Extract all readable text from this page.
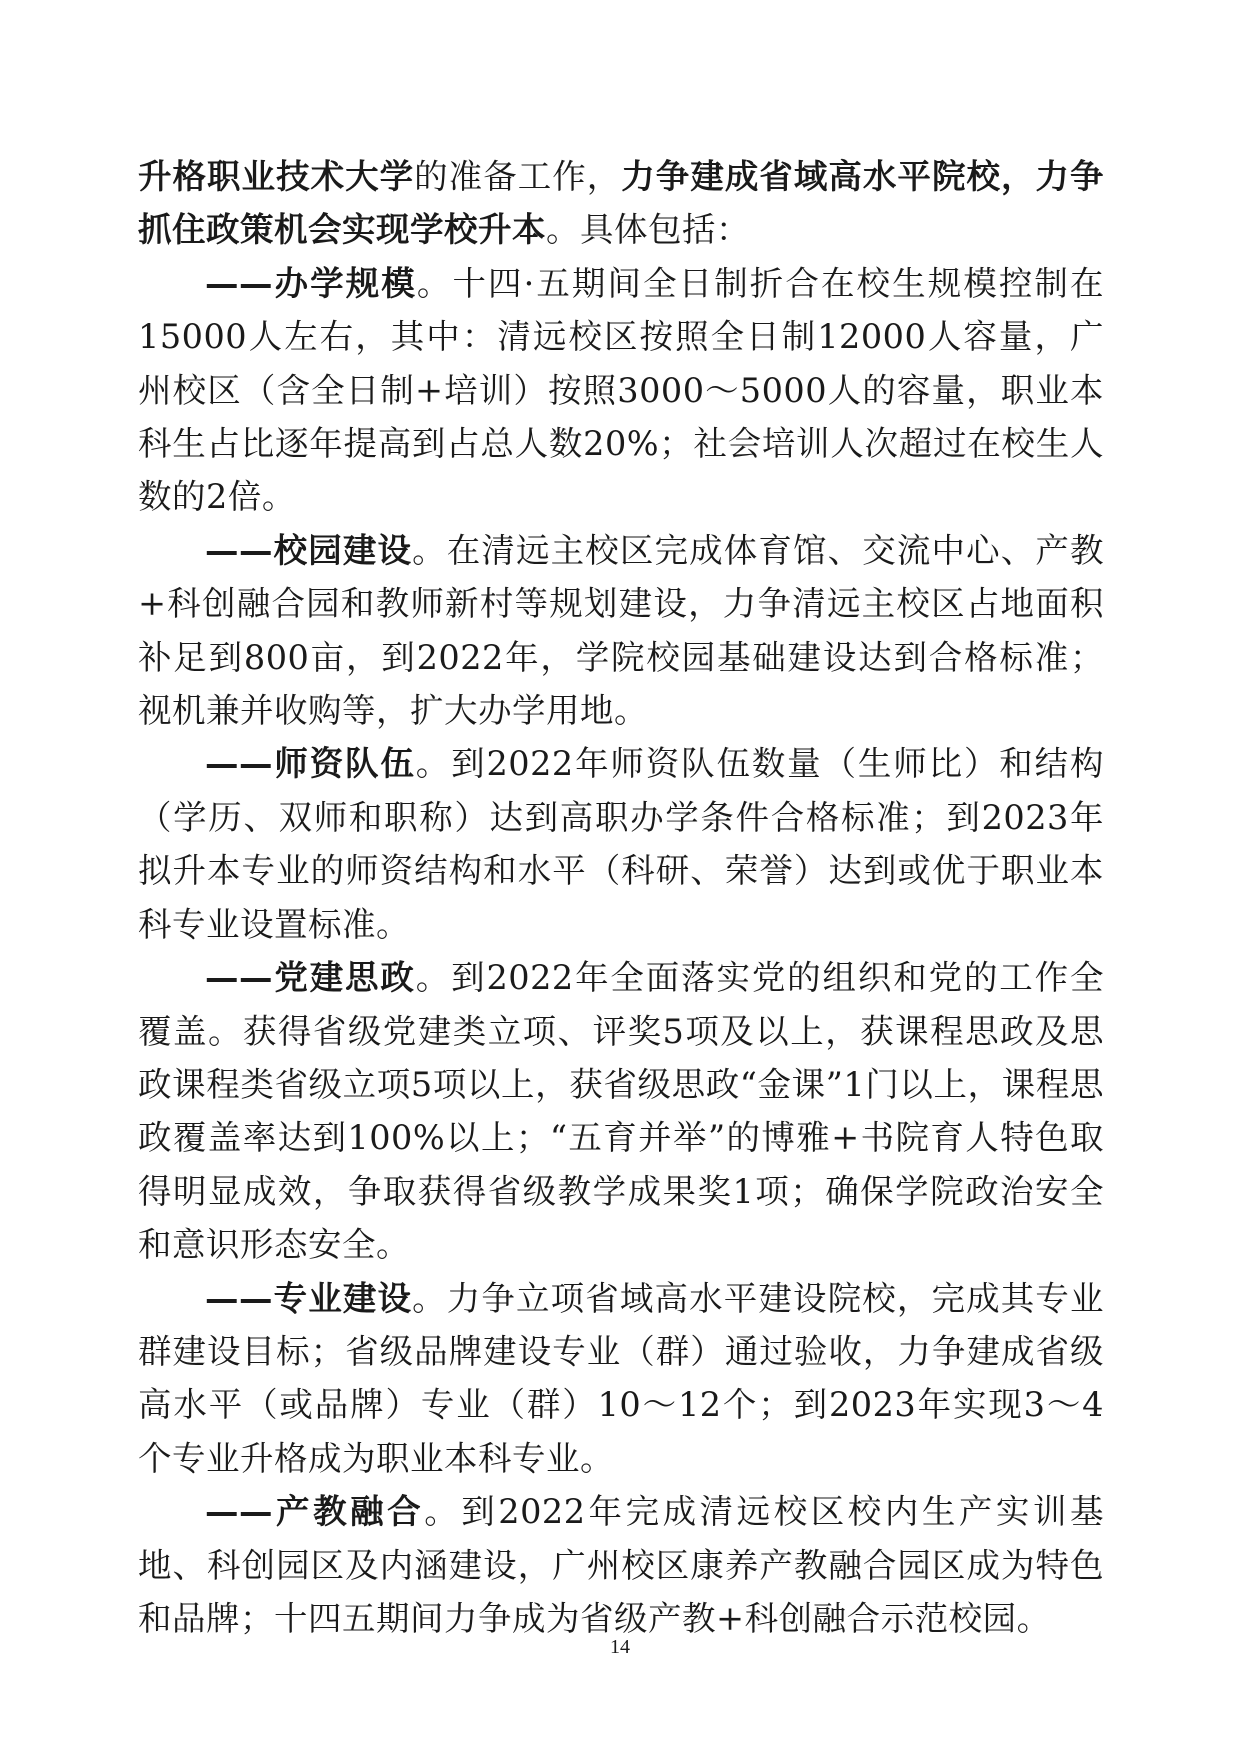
升格职业技术大学的准备工作，力争建成省域高水平院校，力争抓住政策机会实现学校升本。具体包括：

——办学规模。十四·五期间全日制折合在校生规模控制在15000人左右，其中：清远校区按照全日制12000人容量，广州校区（含全日制+培训）按照3000～5000人的容量，职业本科生占比逐年提高到占总人数20%；社会培训人次超过在校生人数的2倍。

——校园建设。在清远主校区完成体育馆、交流中心、产教+科创融合园和教师新村等规划建设，力争清远主校区占地面积补足到800亩，到2022年，学院校园基础建设达到合格标准；视机兼并收购等，扩大办学用地。

——师资队伍。到2022年师资队伍数量（生师比）和结构（学历、双师和职称）达到高职办学条件合格标准；到2023年拟升本专业的师资结构和水平（科研、荣誉）达到或优于职业本科专业设置标准。

——党建思政。到2022年全面落实党的组织和党的工作全覆盖。获得省级党建类立项、评奖5项及以上，获课程思政及思政课程类省级立项5项以上，获省级思政“金课”1门以上，课程思政覆盖率达到100%以上；“五育并举”的博雅+书院育人特色取得明显成效，争取获得省级教学成果奖1项；确保学院政治安全和意识形态安全。

——专业建设。力争立项省域高水平建设院校，完成其专业群建设目标；省级品牌建设专业（群）通过验收，力争建成省级高水平（或品牌）专业（群）10～12个；到2023年实现3～4个专业升格成为职业本科专业。

——产教融合。到2022年完成清远校区校内生产实训基地、科创园区及内涵建设，广州校区康养产教融合园区成为特色和品牌；十四五期间力争成为省级产教+科创融合示范校园。

14
